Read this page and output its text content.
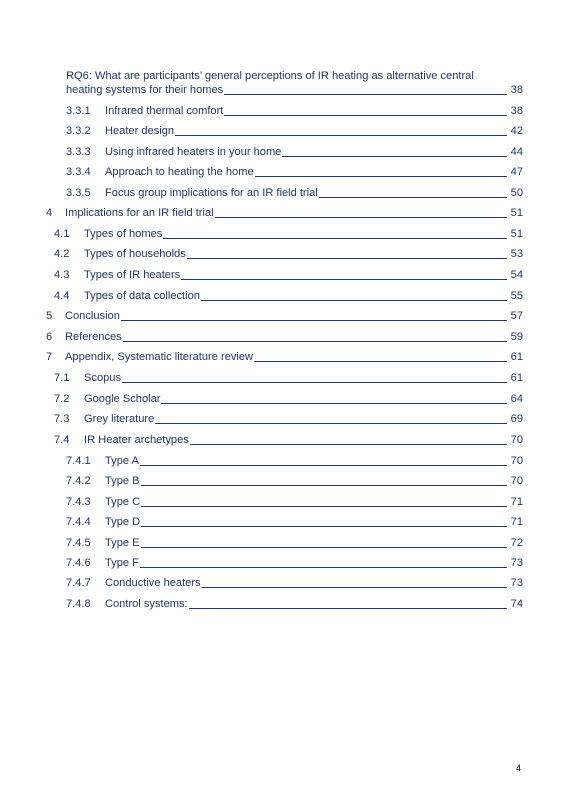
RQ6: What are participants’ general perceptions of IR heating as alternative central
heating systems for their homes	38
3.3.1	Infrared thermal comfort	38
3.3.2	Heater design	42
3.3.3	Using infrared heaters in your home	44
3.3.4	Approach to heating the home	47
3.3.5	Focus group implications for an IR field trial	50
4	Implications for an IR field trial	51
4.1	Types of homes	51
4.2	Types of households	53
4.3	Types of IR heaters	54
4.4	Types of data collection	55
5	Conclusion	57
6	References	59
7	Appendix, Systematic literature review	61
7.1	Scopus	61
7.2	Google Scholar	64
7.3	Grey literature	69
7.4	IR Heater archetypes	70
7.4.1	Type A	70
7.4.2	Type B	70
7.4.3	Type C	71
7.4.4	Type D	71
7.4.5	Type E	72
7.4.6	Type F	73
7.4.7	Conductive heaters	73
7.4.8	Control systems:	74
4
